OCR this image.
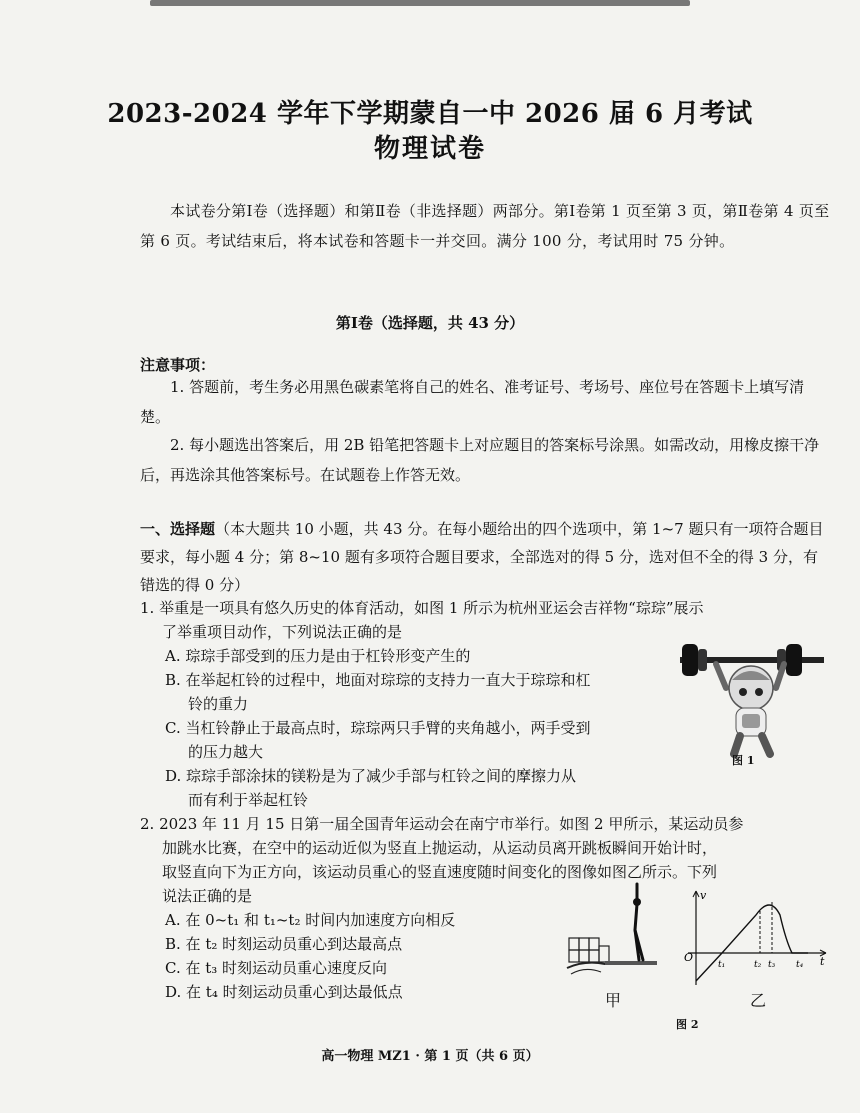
2023-2024 学年下学期蒙自一中 2026 届 6 月考试
物理试卷
本试卷分第Ⅰ卷（选择题）和第Ⅱ卷（非选择题）两部分。第Ⅰ卷第 1 页至第 3 页，第Ⅱ卷第 4 页至第 6 页。考试结束后，将本试卷和答题卡一并交回。满分 100 分，考试用时 75 分钟。
第Ⅰ卷（选择题，共 43 分）
注意事项：
1. 答题前，考生务必用黑色碳素笔将自己的姓名、准考证号、考场号、座位号在答题卡上填写清楚。
2. 每小题选出答案后，用 2B 铅笔把答题卡上对应题目的答案标号涂黑。如需改动，用橡皮擦干净后，再选涂其他答案标号。在试题卷上作答无效。
一、选择题（本大题共 10 小题，共 43 分。在每小题给出的四个选项中，第 1~7 题只有一项符合题目要求，每小题 4 分；第 8~10 题有多项符合题目要求，全部选对的得 5 分，选对但不全的得 3 分，有错选的得 0 分）
1. 举重是一项具有悠久历史的体育活动，如图 1 所示为杭州亚运会吉祥物“琮琮”展示
了举重项目动作，下列说法正确的是
A. 琮琮手部受到的压力是由于杠铃形变产生的
B. 在举起杠铃的过程中，地面对琮琮的支持力一直大于琮琮和杠
铃的重力
C. 当杠铃静止于最高点时，琮琮两只手臂的夹角越小，两手受到
的压力越大
D. 琮琮手部涂抹的镁粉是为了减少手部与杠铃之间的摩擦力从
而有利于举起杠铃
图 1
2. 2023 年 11 月 15 日第一届全国青年运动会在南宁市举行。如图 2 甲所示，某运动员参
加跳水比赛，在空中的运动近似为竖直上抛运动，从运动员离开跳板瞬间开始计时，
取竖直向下为正方向，该运动员重心的竖直速度随时间变化的图像如图乙所示。下列
说法正确的是
A. 在 0~t₁ 和 t₁~t₂ 时间内加速度方向相反
B. 在 t₂ 时刻运动员重心到达最高点
C. 在 t₃ 时刻运动员重心速度反向
D. 在 t₄ 时刻运动员重心到达最低点	甲
v
t
O
t₁	t₂ t₃ t₄
乙
图 2
高一物理 MZ1 · 第 1 页（共 6 页）
